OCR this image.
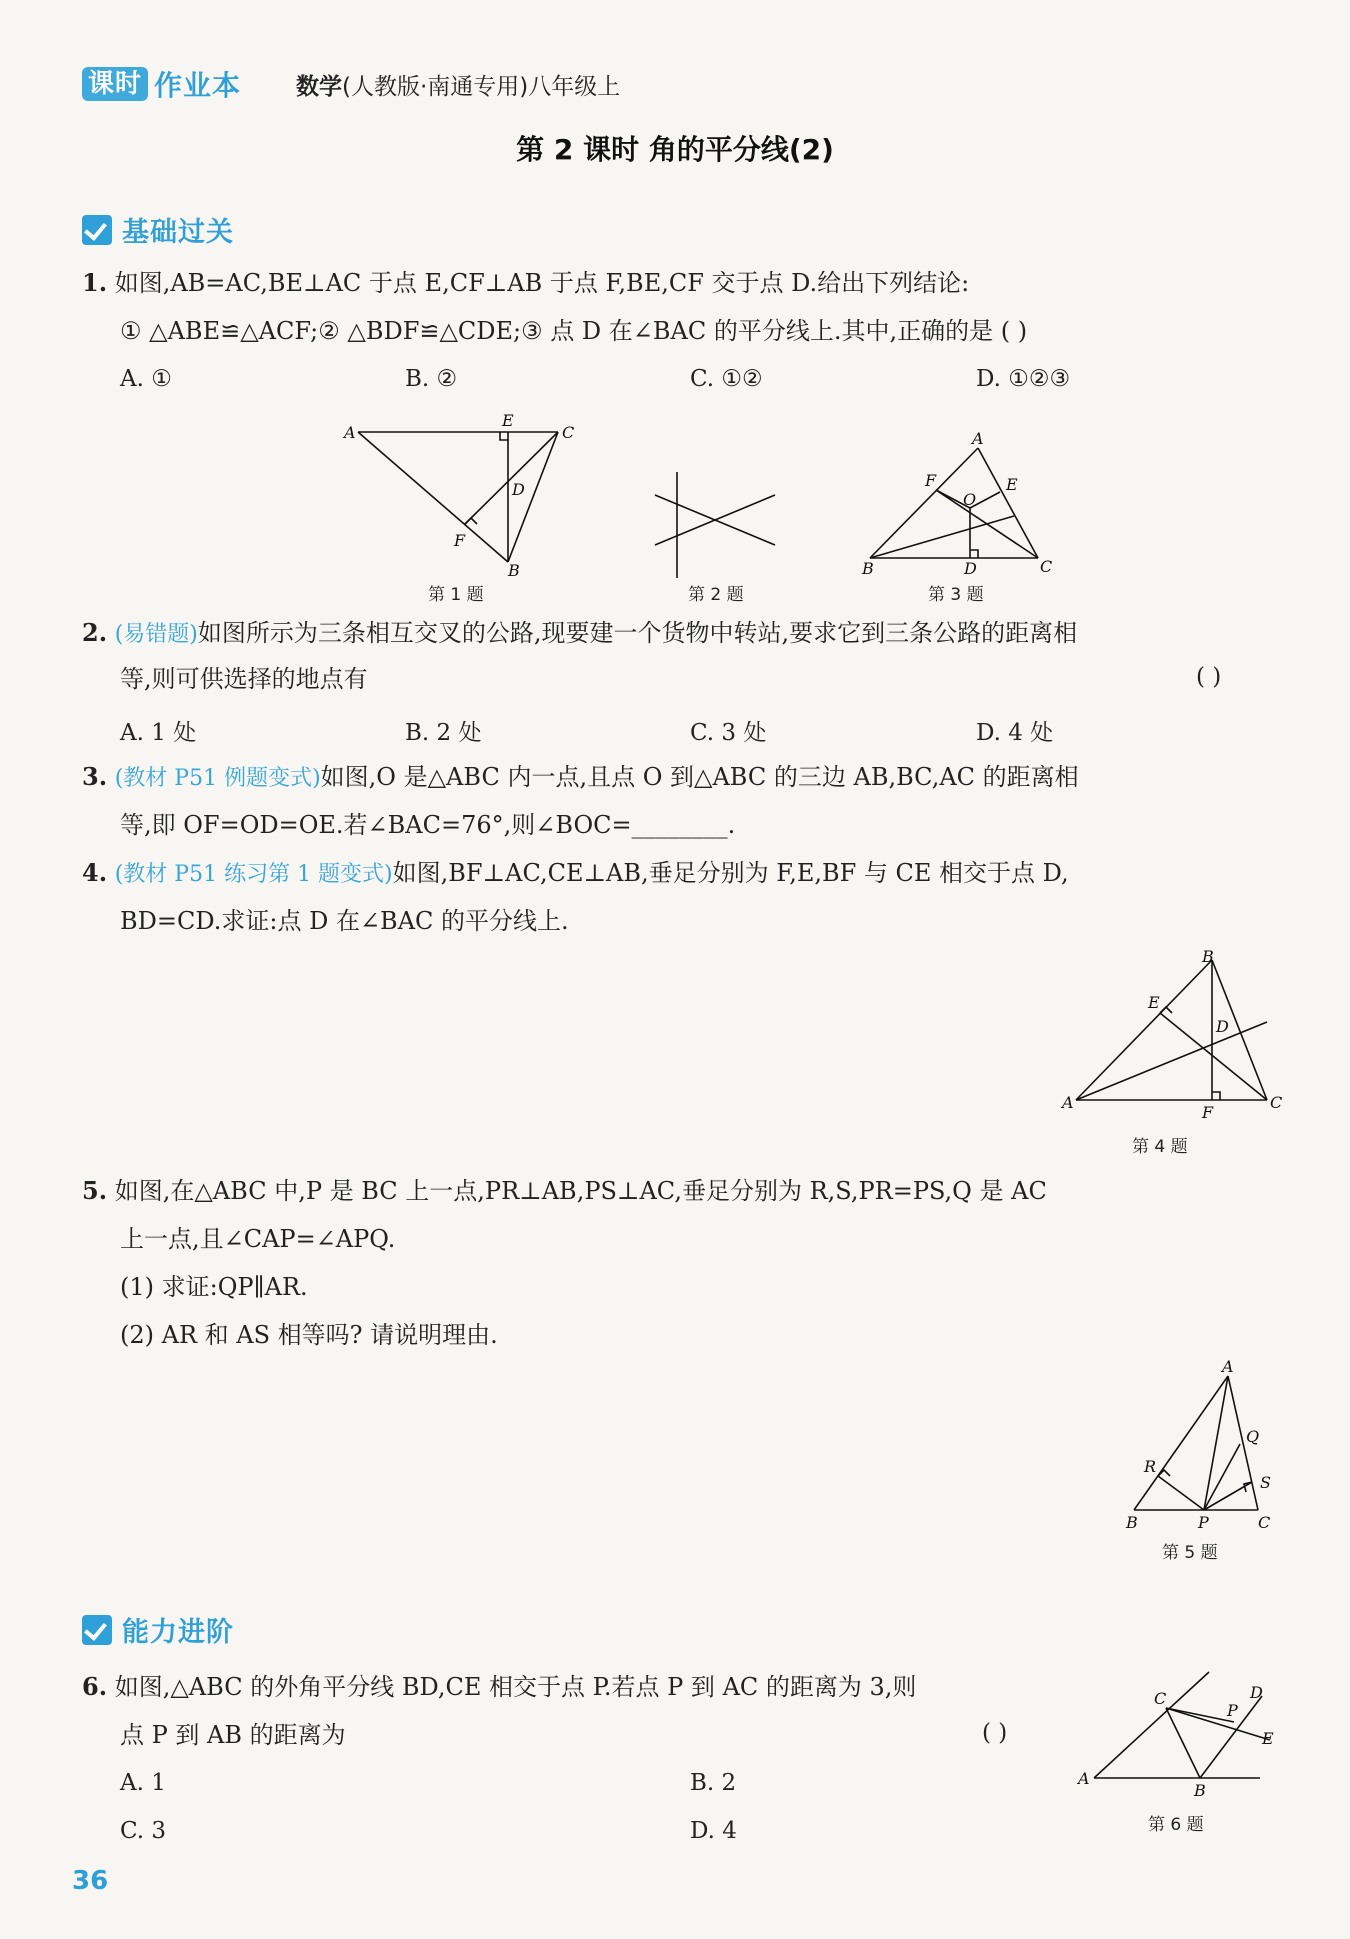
课时 作业本 数学(人教版·南通专用)八年级上
第 2 课时 角的平分线(2)
基础过关
1. 如图,AB=AC,BE⊥AC 于点 E,CF⊥AB 于点 F,BE,CF 交于点 D.给出下列结论:
① △ABE≌△ACF;② △BDF≌△CDE;③ 点 D 在∠BAC 的平分线上.其中,正确的是 ( )
A. ①	B. ②	C. ①②	D. ①②③
A	C
E
D
F
B
第 1 题	第 2 题
A
F	E
O
B	D	C
第 3 题
2. (易错题)如图所示为三条相互交叉的公路,现要建一个货物中转站,要求它到三条公路的距离相
等,则可供选择的地点有	( )
A. 1 处	B. 2 处	C. 3 处	D. 4 处
3. (教材 P51 例题变式)如图,O 是△ABC 内一点,且点 O 到△ABC 的三边 AB,BC,AC 的距离相
等,即 OF=OD=OE.若∠BAC=76°,则∠BOC=________.
4. (教材 P51 练习第 1 题变式)如图,BF⊥AC,CE⊥AB,垂足分别为 F,E,BF 与 CE 相交于点 D,
BD=CD.求证:点 D 在∠BAC 的平分线上.
A
B
E
D
F
C
第 4 题
5. 如图,在△ABC 中,P 是 BC 上一点,PR⊥AB,PS⊥AC,垂足分别为 R,S,PR=PS,Q 是 AC
上一点,且∠CAP=∠APQ.
(1) 求证:QP∥AR.
(2) AR 和 AS 相等吗? 请说明理由.
A
R
Q
S
B	P	C
第 5 题
能力进阶
6. 如图,△ABC 的外角平分线 BD,CE 相交于点 P.若点 P 到 AC 的距离为 3,则
点 P 到 AB 的距离为	( )
A. 1	B. 2
C. 3	D. 4
C
P
D
E
A
B
第 6 题
36
